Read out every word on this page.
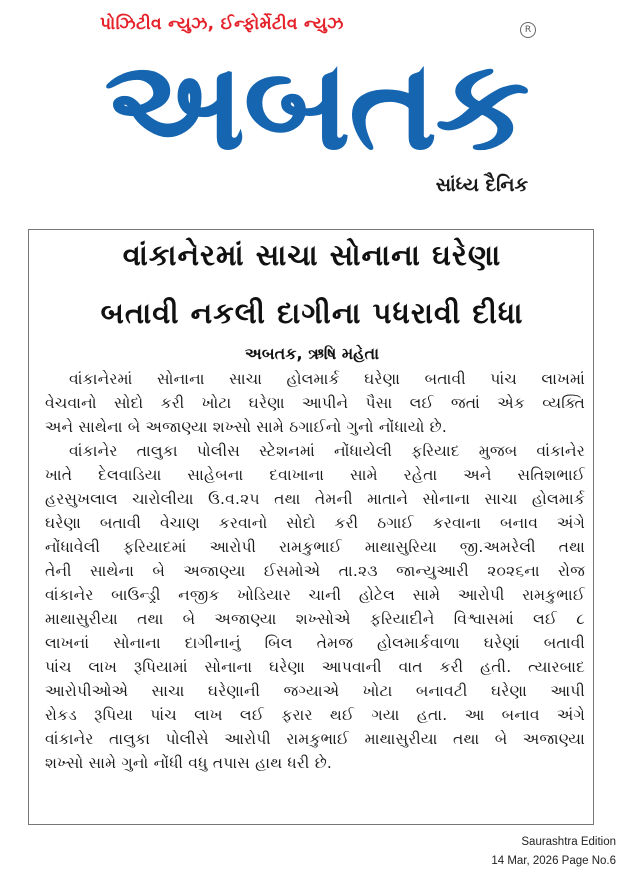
પોઝિટીવ ન્યુઝ, ઈન્ફોર્મેટીવ ન્યુઝ	R
અબતક
સાંધ્ય દૈનિક
વાંકાનેરમાં સાચા સોનાના ઘરેણા
બતાવી નકલી દાગીના પધરાવી દીધા
અબતક, ઋષિ મહેતા
વાંકાનેરમાં સોનાના સાચા હોલમાર્ક ઘરેણા બતાવી પાંચ લાખમાં
વેચવાનો સોદો કરી ખોટા ઘરેણા આપીને પૈસા લઈ જતાં એક વ્યક્તિ
અને સાથેના બે અજાણ્યા શખ્સો સામે ઠગાઈનો ગુનો નોંધાયો છે.
વાંકાનેર તાલુકા પોલીસ સ્ટેશનમાં નોંધાયેલી ફરિયાદ મુજબ વાંકાનેર
ખાતે દેલવાડિયા સાહેબના દવાખાના સામે રહેતા અને સતિશભાઈ
હરસુખલાલ ચારોલીયા ઉ.વ.૨૫ તથા તેમની માતાને સોનાના સાચા હોલમાર્ક
ઘરેણા બતાવી વેચાણ કરવાનો સોદો કરી ઠગાઈ કરવાના બનાવ અંગે
નોંધાવેલી ફરિયાદમાં આરોપી રામકુભાઈ માથાસુરિયા જી.અમરેલી તથા
તેની સાથેના બે અજાણ્યા ઈસમોએ તા.૨૩ જાન્યુઆરી ૨૦૨૬ના રોજ
વાંકાનેર બાઉન્ડ્રી નજીક ખોડિયાર ચાની હોટેલ સામે આરોપી રામકુભાઈ
માથાસુરીયા તથા બે અજાણ્યા શખ્સોએ ફરિયાદીને વિશ્વાસમાં લઈ ૮
લાખનાં સોનાના દાગીનાનું બિલ તેમજ હોલમાર્કવાળા ઘરેણાં બતાવી
પાંચ લાખ રૂપિયામાં સોનાના ઘરેણા આપવાની વાત કરી હતી. ત્યારબાદ
આરોપીઓએ સાચા ઘરેણાની જગ્યાએ ખોટા બનાવટી ઘરેણા આપી
રોકડ રૂપિયા પાંચ લાખ લઈ ફરાર થઈ ગયા હતા. આ બનાવ અંગે
વાંકાનેર તાલુકા પોલીસે આરોપી રામકુભાઈ માથાસુરીયા તથા બે અજાણ્યા
શખ્સો સામે ગુનો નોંધી વધુ તપાસ હાથ ધરી છે.
Saurashtra Edition
14 Mar, 2026 Page No.6
